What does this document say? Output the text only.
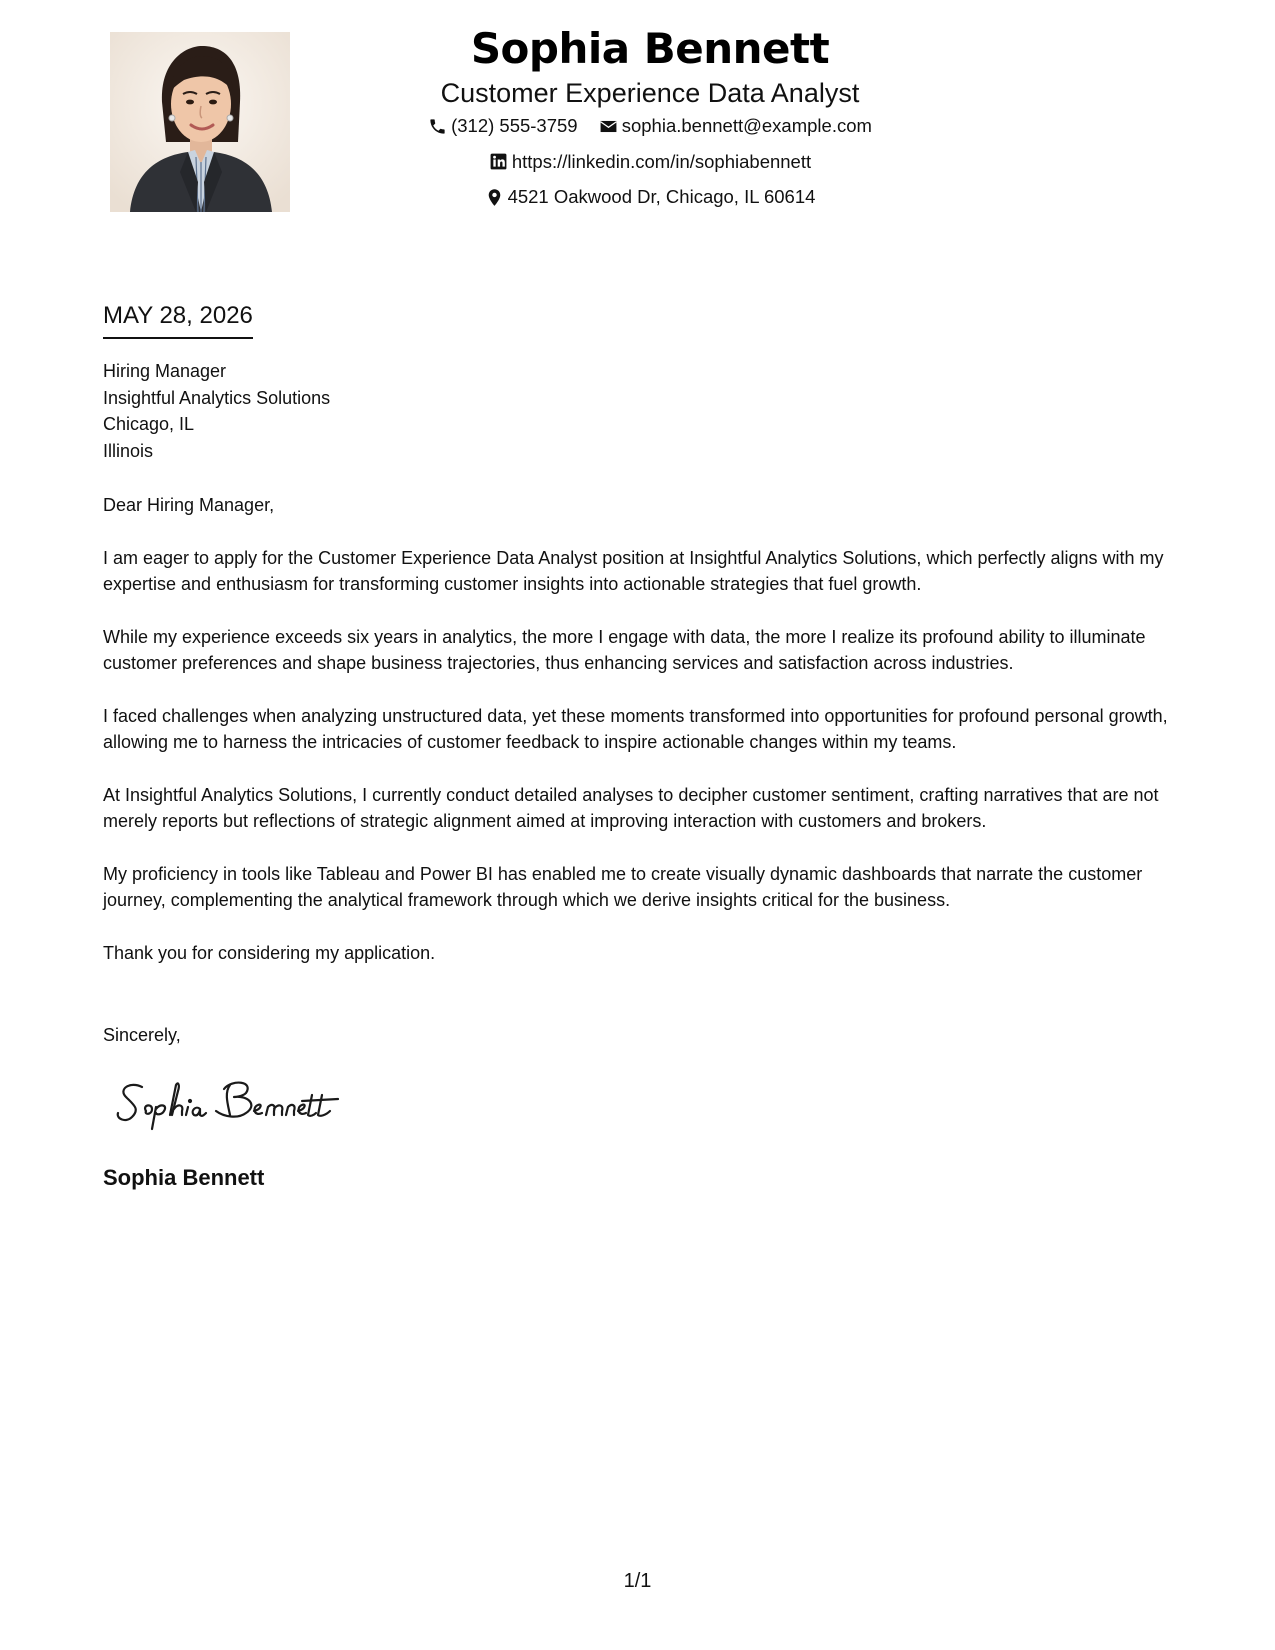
Sophia Bennett
Customer Experience Data Analyst
(312) 555-3759
sophia.bennett@example.com
https://linkedin.com/in/sophiabennett
4521 Oakwood Dr, Chicago, IL 60614
MAY 28, 2026
Hiring Manager
Insightful Analytics Solutions
Chicago, IL
Illinois

Dear Hiring Manager,

I am eager to apply for the Customer Experience Data Analyst position at Insightful Analytics Solutions, which perfectly aligns with my expertise and enthusiasm for transforming customer insights into actionable strategies that fuel growth.

While my experience exceeds six years in analytics, the more I engage with data, the more I realize its profound ability to illuminate customer preferences and shape business trajectories, thus enhancing services and satisfaction across industries.

I faced challenges when analyzing unstructured data, yet these moments transformed into opportunities for profound personal growth, allowing me to harness the intricacies of customer feedback to inspire actionable changes within my teams.

At Insightful Analytics Solutions, I currently conduct detailed analyses to decipher customer sentiment, crafting narratives that are not merely reports but reflections of strategic alignment aimed at improving interaction with customers and brokers.

My proficiency in tools like Tableau and Power BI has enabled me to create visually dynamic dashboards that narrate the customer journey, complementing the analytical framework through which we derive insights critical for the business.

Thank you for considering my application.

Sincerely,
Sophia Bennett
1/1
